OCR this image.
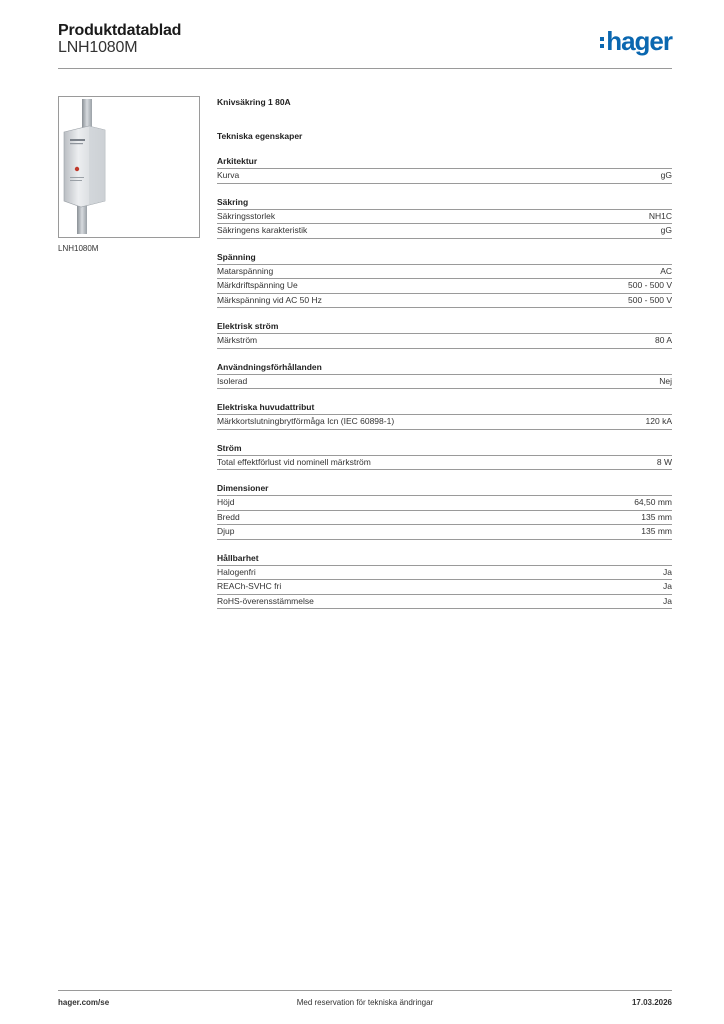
Produktdatablad
LNH1080M	hager
LNH1080M
Knivsäkring 1 80A
Tekniska egenskaper
Arkitektur
Kurva	gG
Säkring
Säkringsstorlek	NH1C
Säkringens karakteristik	gG
Spänning
Matarspänning	AC
Märkdriftspänning Ue	500 - 500 V
Märkspänning vid AC 50 Hz	500 - 500 V
Elektrisk ström
Märkström	80 A
Användningsförhållanden
Isolerad	Nej
Elektriska huvudattribut
Märkkortslutningbrytförmåga Icn (IEC 60898-1)	120 kA
Ström
Total effektförlust vid nominell märkström	8 W
Dimensioner
Höjd	64,50 mm
Bredd	135 mm
Djup	135 mm
Hållbarhet
Halogenfri	Ja
REACh-SVHC fri	Ja
RoHS-överensstämmelse	Ja
Med reservation för tekniska ändringar
hager.com/se	17.03.2026
